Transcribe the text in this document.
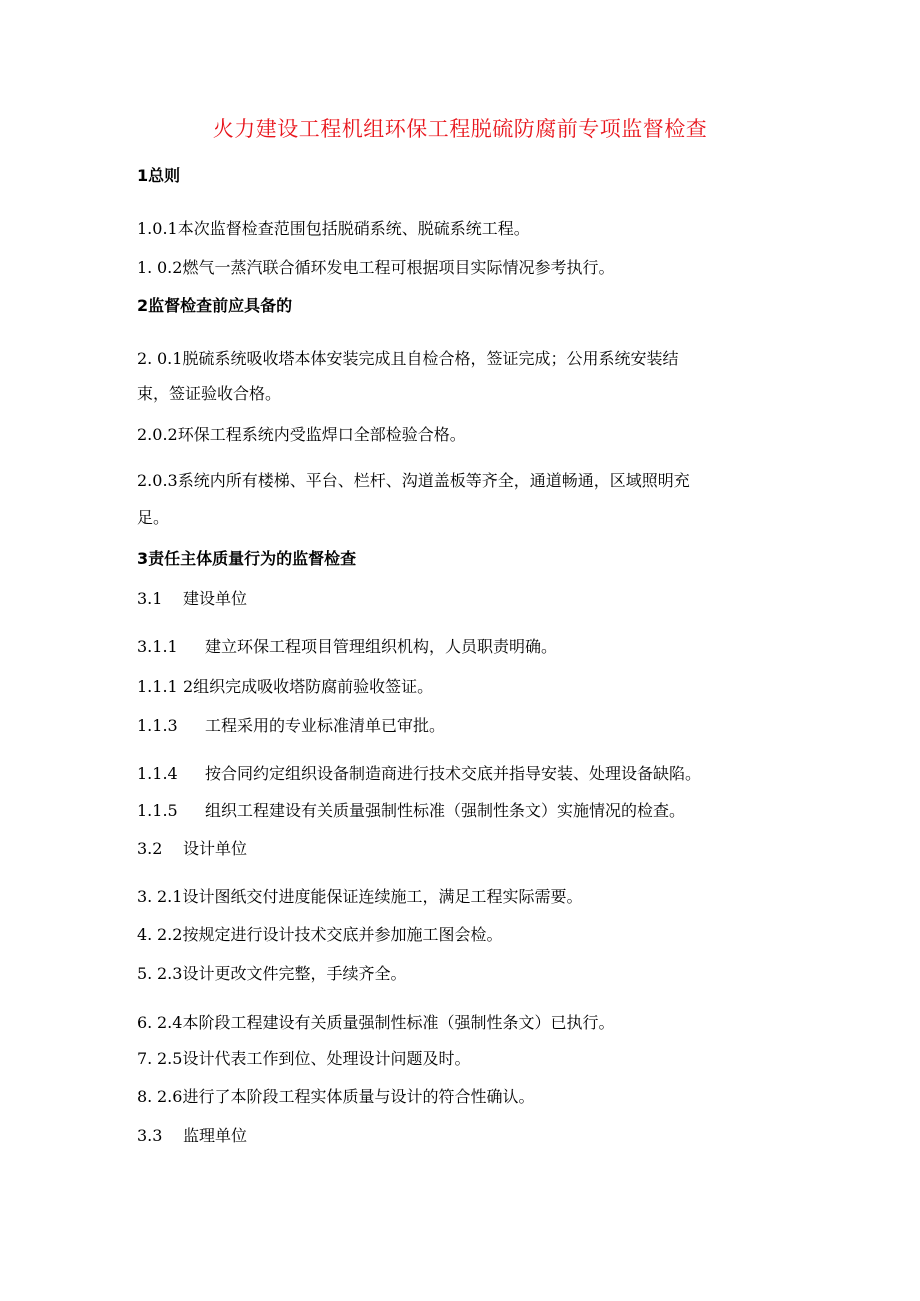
火力建设工程机组环保工程脱硫防腐前专项监督检查
1总则
1.0.1本次监督检查范围包括脱硝系统、脱硫系统工程。
1. 0.2燃气一蒸汽联合循环发电工程可根据项目实际情况参考执行。
2监督检查前应具备的
2. 0.1脱硫系统吸收塔本体安装完成且自检合格，签证完成；公用系统安装结
束，签证验收合格。
2.0.2环保工程系统内受监焊口全部检验合格。
2.0.3系统内所有楼梯、平台、栏杆、沟道盖板等齐全，通道畅通，区域照明充
足。
3责任主体质量行为的监督检查
3.1 建设单位
3.1.1 建立环保工程项目管理组织机构，人员职责明确。
1.1.1 2组织完成吸收塔防腐前验收签证。
1.1.3 工程采用的专业标准清单已审批。
1.1.4 按合同约定组织设备制造商进行技术交底并指导安装、处理设备缺陷。
1.1.5 组织工程建设有关质量强制性标准（强制性条文）实施情况的检查。
3.2 设计单位
3. 2.1设计图纸交付进度能保证连续施工，满足工程实际需要。
4. 2.2按规定进行设计技术交底并参加施工图会检。
5. 2.3设计更改文件完整，手续齐全。
6. 2.4本阶段工程建设有关质量强制性标准（强制性条文）已执行。
7. 2.5设计代表工作到位、处理设计问题及时。
8. 2.6进行了本阶段工程实体质量与设计的符合性确认。
3.3 监理单位
